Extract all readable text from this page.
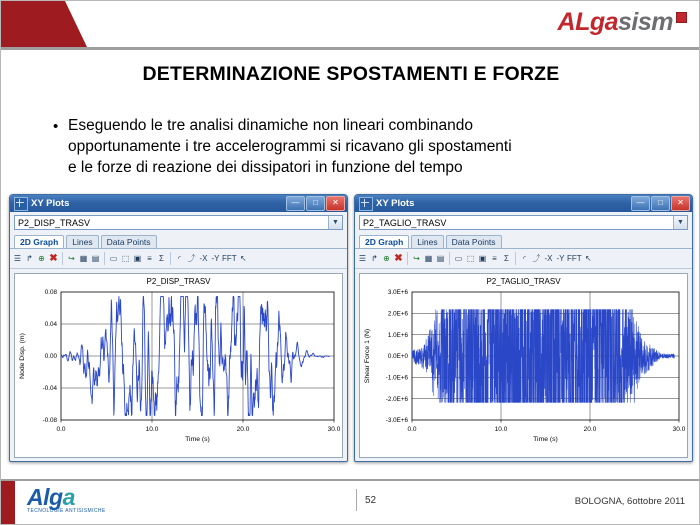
A Lga sism
DETERMINAZIONE SPOSTAMENTI E FORZE
• Eseguendo le tre analisi dinamiche non lineari combinando
opportunamente i tre accelerogrammi si ricavano gli spostamenti
e le forze di reazione dei dissipatori in funzione del tempo
XY Plots	—	□	✕
P2_DISP_TRASV	▼
2D Graph	Lines	Data Points
☰ ↱ ⊕ ✖ ↪ ▦ ▤ ▭ ⬚ ▣ ≡ Σ	◜ ⤴ -X -Y FFT ↖
P2_DISP_TRASV
0.0	10.0	20.0	30.0
0.08
0.04
0.00
-0.04
-0.08
Time (s)
Node Disp. (m)
XY Plots	—	□	✕
P2_TAGLIO_TRASV	▼
2D Graph	Lines	Data Points
☰ ↱ ⊕ ✖ ↪ ▦ ▤ ▭ ⬚ ▣ ≡ Σ	◜ ⤴ -X -Y FFT ↖
P2_TAGLIO_TRASV
0.0	10.0	20.0	30.0
3.0E+6
2.0E+6
1.0E+6
0.0E+0
-1.0E+6
-2.0E+6
-3.0E+6
Time (s)
Shear Force 1 (N)
Alga
TECNOLOGIE ANTISISMICHE
52	BOLOGNA, 6ottobre 2011
